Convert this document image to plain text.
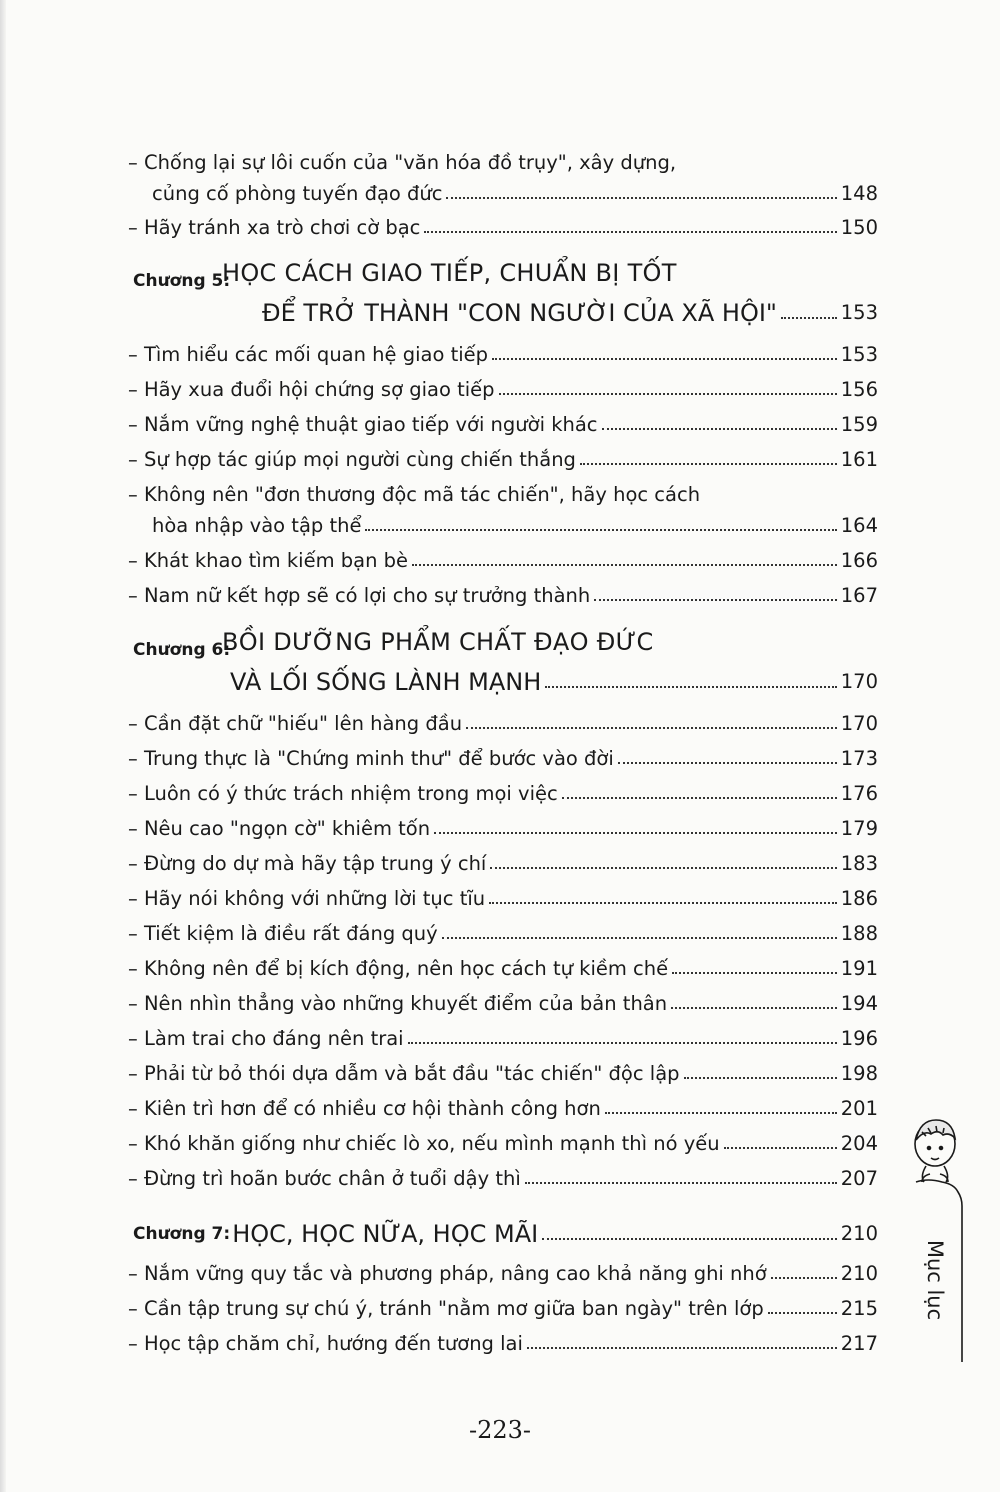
– Chống lại sự lôi cuốn của "văn hóa đồ trụy", xây dựng,
củng cố phòng tuyến đạo đức	148
– Hãy tránh xa trò chơi cờ bạc	150
Chương 5:
HỌC CÁCH GIAO TIẾP, CHUẨN BỊ TỐT
ĐỂ TRỞ THÀNH "CON NGƯỜI CỦA XÃ HỘI"	153
– Tìm hiểu các mối quan hệ giao tiếp	153
– Hãy xua đuổi hội chứng sợ giao tiếp	156
– Nắm vững nghệ thuật giao tiếp với người khác	159
– Sự hợp tác giúp mọi người cùng chiến thắng	161
– Không nên "đơn thương độc mã tác chiến", hãy học cách
hòa nhập vào tập thể	164
– Khát khao tìm kiếm bạn bè	166
– Nam nữ kết hợp sẽ có lợi cho sự trưởng thành	167
Chương 6:
BỒI DƯỠNG PHẨM CHẤT ĐẠO ĐỨC
VÀ LỐI SỐNG LÀNH MẠNH	170
– Cần đặt chữ "hiếu" lên hàng đầu	170
– Trung thực là "Chứng minh thư" để bước vào đời	173
– Luôn có ý thức trách nhiệm trong mọi việc	176
– Nêu cao "ngọn cờ" khiêm tốn	179
– Đừng do dự mà hãy tập trung ý chí	183
– Hãy nói không với những lời tục tĩu	186
– Tiết kiệm là điều rất đáng quý	188
– Không nên để bị kích động, nên học cách tự kiềm chế	191
– Nên nhìn thẳng vào những khuyết điểm của bản thân	194
– Làm trai cho đáng nên trai	196
– Phải từ bỏ thói dựa dẫm và bắt đầu "tác chiến" độc lập	198
– Kiên trì hơn để có nhiều cơ hội thành công hơn	201
– Khó khăn giống như chiếc lò xo, nếu mình mạnh thì nó yếu	204
– Đừng trì hoãn bước chân ở tuổi dậy thì	207
Chương 7: HỌC, HỌC NỮA, HỌC MÃI	210
– Nắm vững quy tắc và phương pháp, nâng cao khả năng ghi nhớ	210
– Cần tập trung sự chú ý, tránh "nằm mơ giữa ban ngày" trên lớp	215
– Học tập chăm chỉ, hướng đến tương lai	217
Mục lục
-223-
